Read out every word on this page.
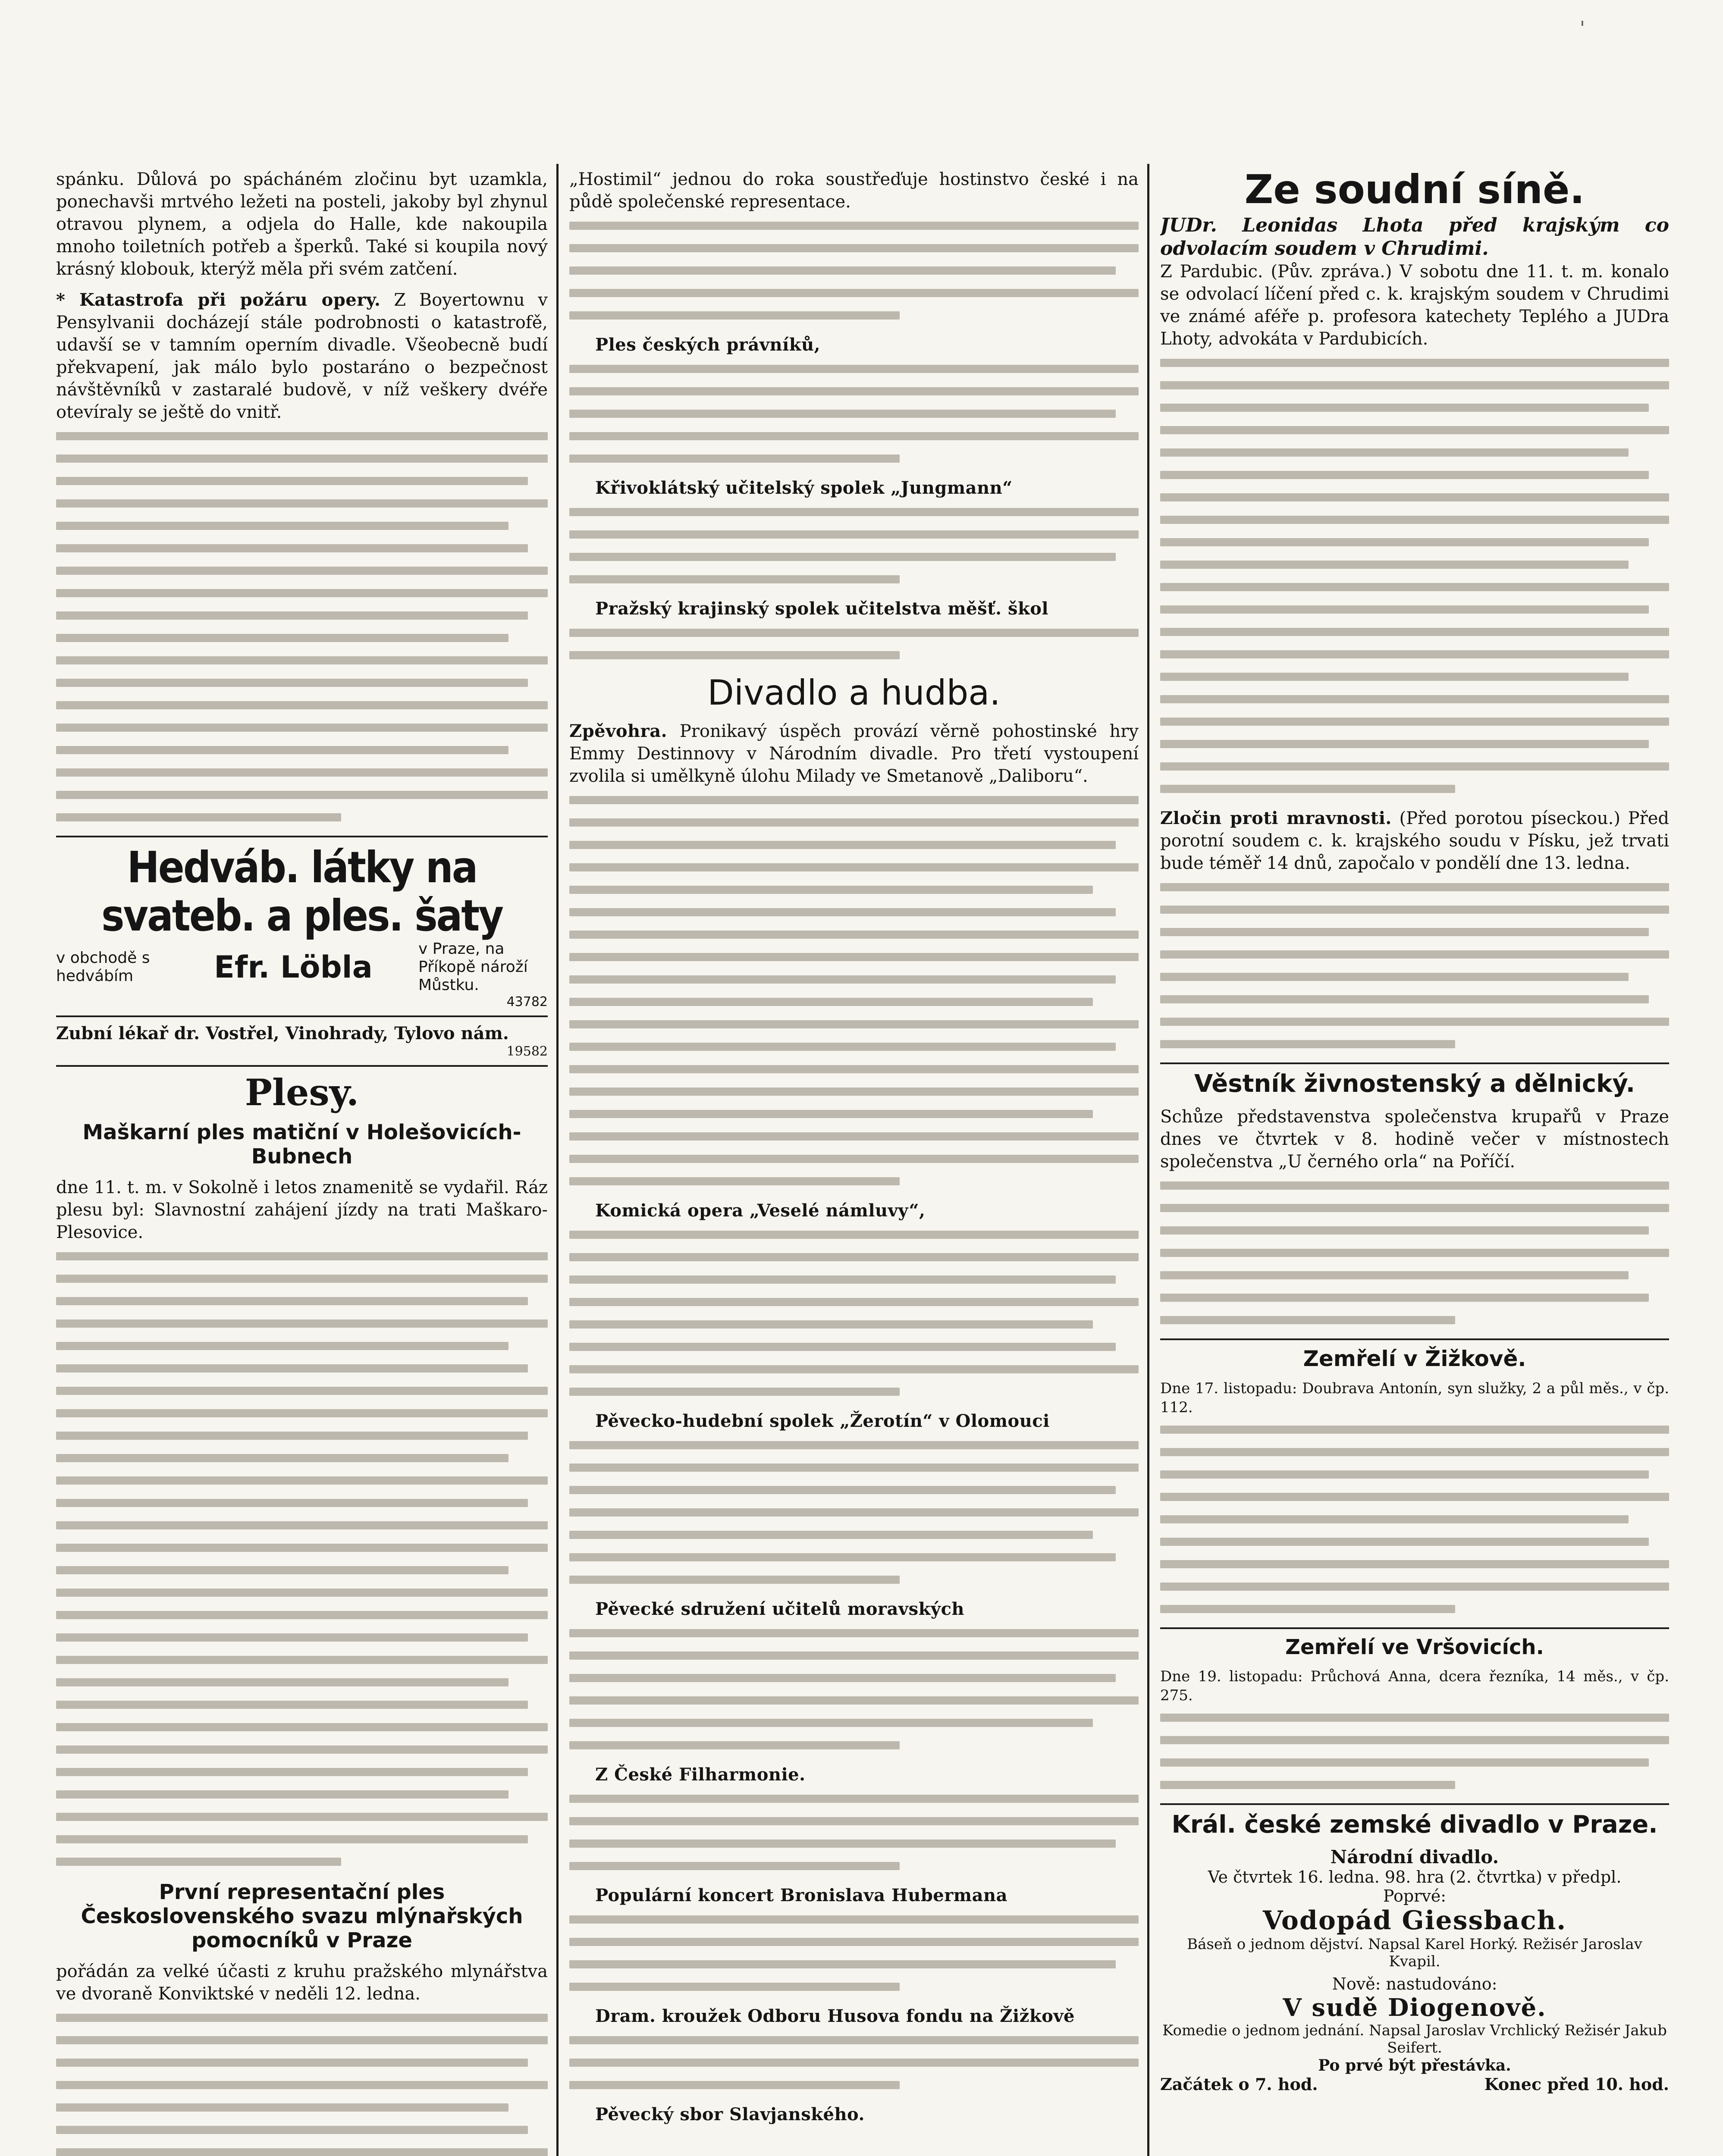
'

spánku. Důlová po spácháném zločinu byt uzamkla, ponechavši mrtvého ležeti na posteli, jakoby byl zhynul otravou plynem, a odjela do Halle, kde nakoupila mnoho toiletních potřeb a šperků. Také si koupila nový krásný klobouk, kterýž měla při svém zatčení.

* Katastrofa při požáru opery. Z Boyertownu v Pensylvanii docházejí stále podrobnosti o katastrofě, udavší se v tamním operním divadle. Všeobecně budí překvapení, jak málo bylo postaráno o bezpečnost návštěvníků v zastaralé budově, v níž veškery dvéře otevíraly se ještě do vnitř.

Hedváb. látky na svateb. a ples. šaty
v obchodě s hedvábím	Efr. Löbla
v Praze, na Příkopě nároží Můstku.
43782
Zubní lékař dr. Vostřel, Vinohrady, Tylovo nám.
19582
Plesy.
Maškarní ples matiční v Holešovicích-Bubnech

dne 11. t. m. v Sokolně i letos znamenitě se vydařil. Ráz plesu byl: Slavnostní zahájení jízdy na trati Maškaro-Plesovice.

První representační ples Československého svazu mlýnařských pomocníků v Praze

pořádán za velké účasti z kruhu pražského mlynářstva ve dvoraně Konviktské v neděli 12. ledna.

„Hostimil“ jednou do roka soustřeďuje hostinstvo české i na půdě společenské representace.

Ples českých právníků,

Křivoklátský učitelský spolek „Jungmann“

Pražský krajinský spolek učitelstva měšť. škol

Divadlo a hudba.

Zpěvohra. Pronikavý úspěch provází věrně pohostinské hry Emmy Destinnovy v Národním divadle. Pro třetí vystoupení zvolila si umělkyně úlohu Milady ve Smetanově „Daliboru“.

Komická opera „Veselé námluvy“,

Pěvecko-hudební spolek „Žerotín“ v Olomouci

Pěvecké sdružení učitelů moravských

Z České Filharmonie.

Populární koncert Bronislava Hubermana

Dram. kroužek Odboru Husova fondu na Žižkově

Pěvecký sbor Slavjanského.

Ze soudní síně.
JUDr. Leonidas Lhota před krajským co odvolacím soudem v Chrudimi.

Z Pardubic. (Pův. zpráva.) V sobotu dne 11. t. m. konalo se odvolací líčení před c. k. krajským soudem v Chrudimi ve známé aféře p. profesora katechety Teplého a JUDra Lhoty, advokáta v Pardubicích.

Zločin proti mravnosti. (Před porotou píseckou.) Před porotní soudem c. k. krajského soudu v Písku, jež trvati bude téměř 14 dnů, započalo v pondělí dne 13. ledna.

Věstník živnostenský a dělnický.

Schůze představenstva společenstva krupařů v Praze dnes ve čtvrtek v 8. hodině večer v místnostech společenstva „U černého orla“ na Poříčí.

Zemřelí v Žižkově.

Dne 17. listopadu: Doubrava Antonín, syn služky, 2 a půl měs., v čp. 112.

Zemřelí ve Vršovicích.

Dne 19. listopadu: Průchová Anna, dcera řezníka, 14 měs., v čp. 275.

Král. české zemské divadlo v Praze.
Národní divadlo.
Ve čtvrtek 16. ledna. 98. hra (2. čtvrtka) v předpl.
Poprvé:
Vodopád Giessbach.
Báseň o jednom dějství. Napsal Karel Horký. Režisér Jaroslav Kvapil.
Nově: nastudováno:
V sudě Diogenově.
Komedie o jednom jednání. Napsal Jaroslav Vrchlický Režisér Jakub Seifert.
Po prvé být přestávka.
Začátek o 7. hod.	Konec před 10. hod.
